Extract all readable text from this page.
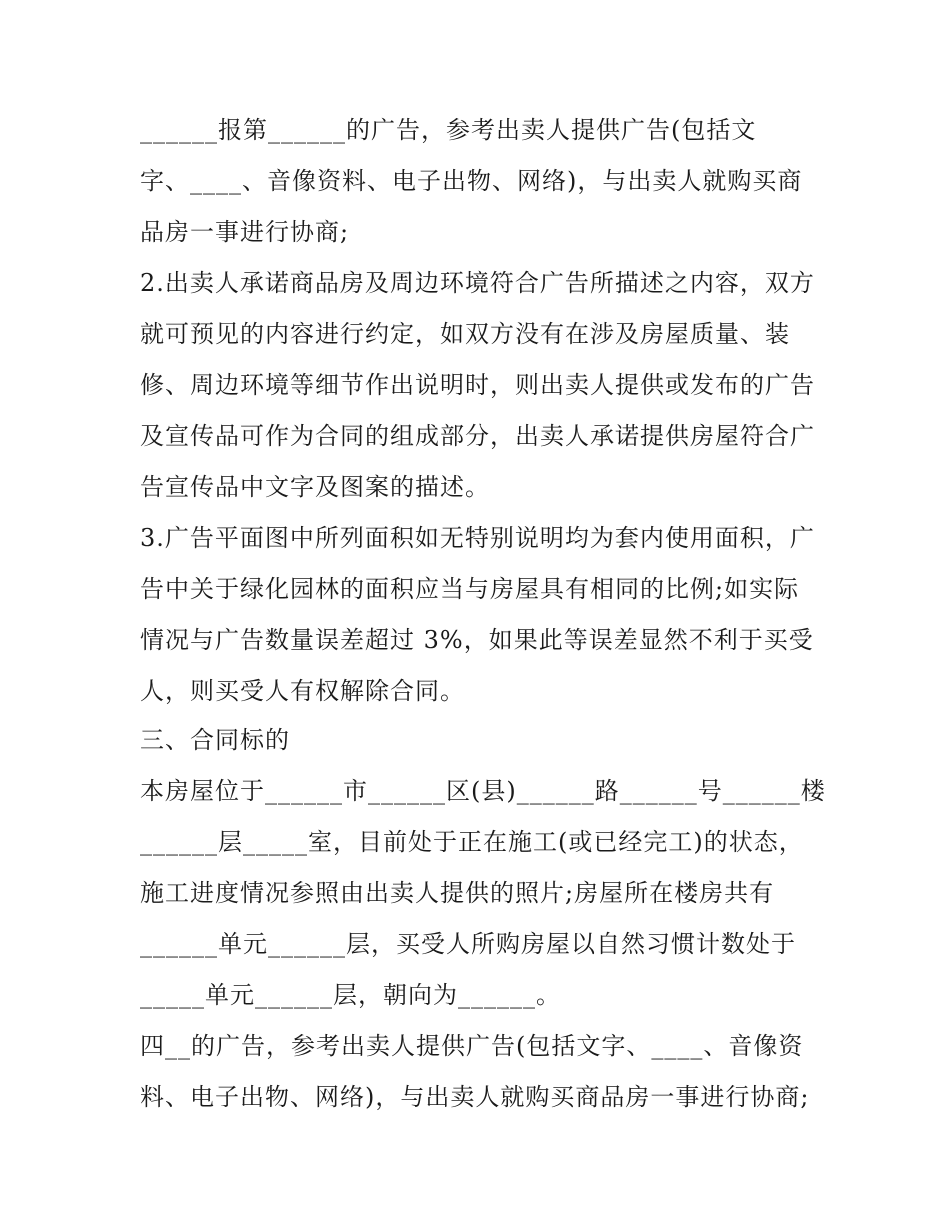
______报第______的广告，参考出卖人提供广告(包括文
字、____、音像资料、电子出物、网络)，与出卖人就购买商
品房一事进行协商;
2.出卖人承诺商品房及周边环境符合广告所描述之内容，双方
就可预见的内容进行约定，如双方没有在涉及房屋质量、装
修、周边环境等细节作出说明时，则出卖人提供或发布的广告
及宣传品可作为合同的组成部分，出卖人承诺提供房屋符合广
告宣传品中文字及图案的描述。
3.广告平面图中所列面积如无特别说明均为套内使用面积，广
告中关于绿化园林的面积应当与房屋具有相同的比例;如实际
情况与广告数量误差超过 3%，如果此等误差显然不利于买受
人，则买受人有权解除合同。
三、合同标的
本房屋位于______市______区(县)______路______号______楼
______层_____室，目前处于正在施工(或已经完工)的状态，
施工进度情况参照由出卖人提供的照片;房屋所在楼房共有
______单元______层，买受人所购房屋以自然习惯计数处于
_____单元______层，朝向为______。
四__的广告，参考出卖人提供广告(包括文字、____、音像资
料、电子出物、网络)，与出卖人就购买商品房一事进行协商;
